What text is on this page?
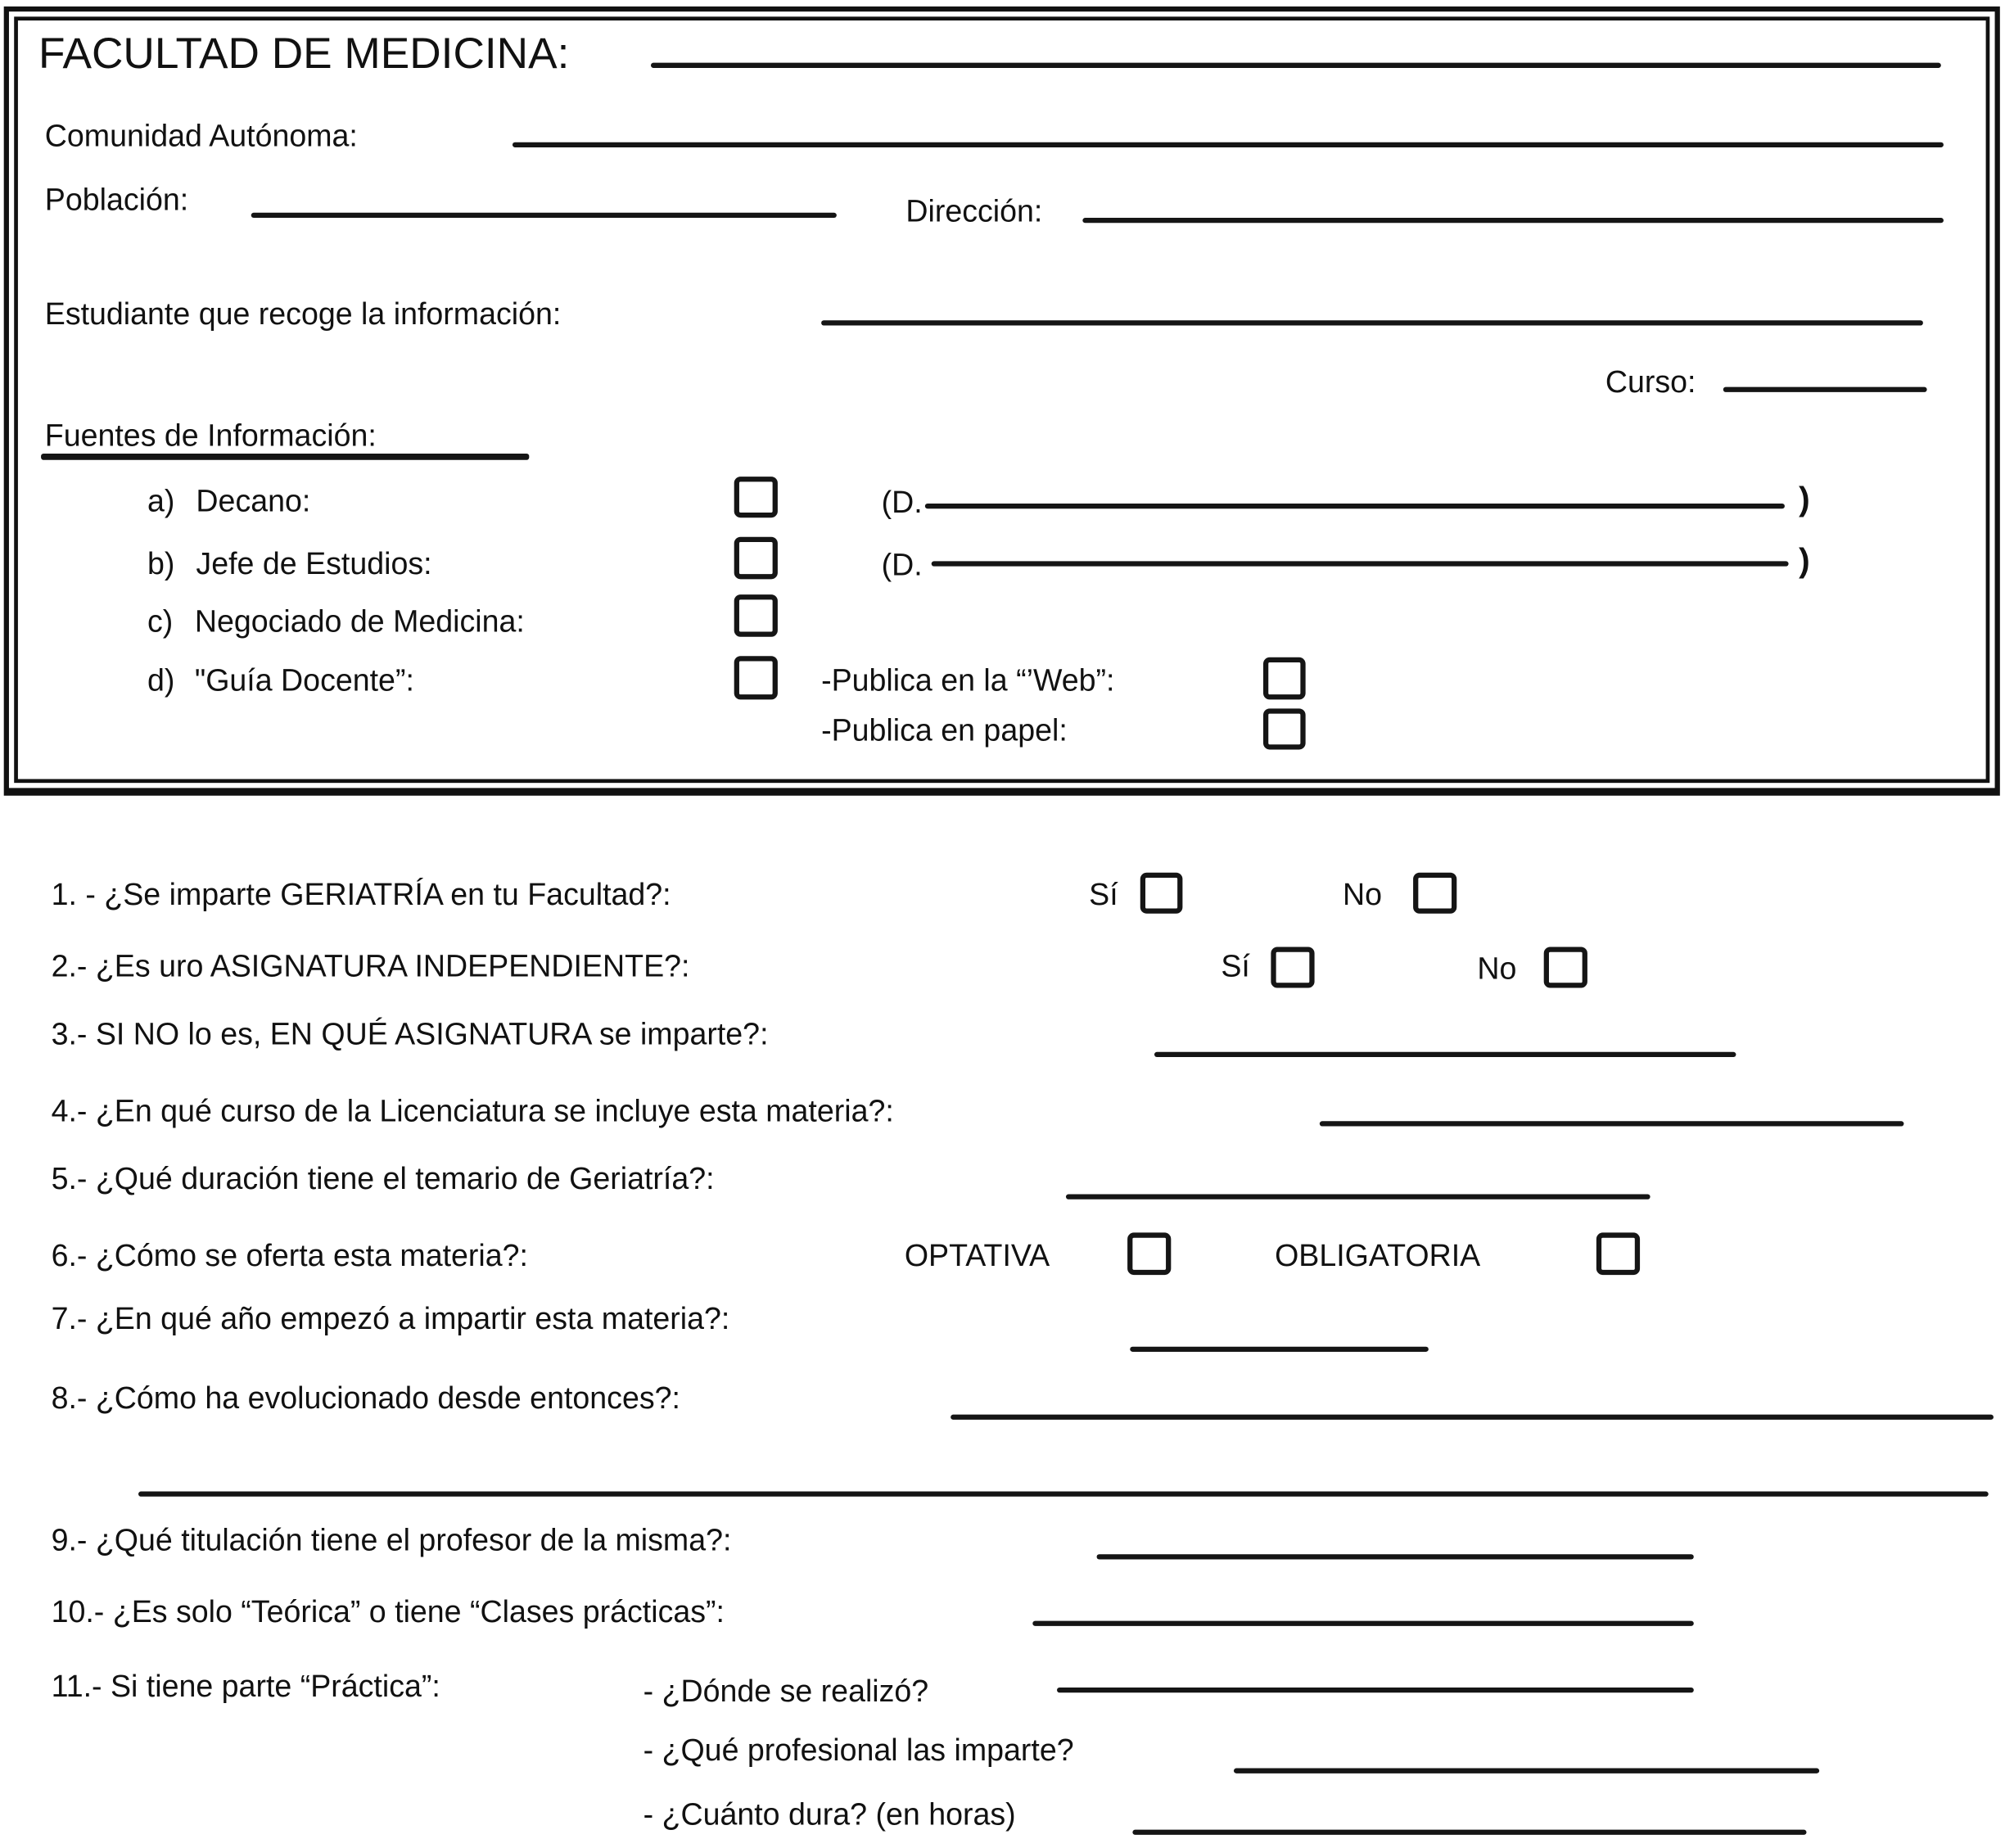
FACULTAD DE MEDICINA:
Comunidad Autónoma:
Población:	Dirección:
Estudiante que recoge la información:
Curso:
Fuentes de Información:
a) Decano:	(D.	)
b) Jefe de Estudios:	(D.	)
c) Negociado de Medicina:
d) "Guía Docente”:	-Publica en la “’Web”:
-Publica en papel:
1. - ¿Se imparte GERIATRÍA en tu Facultad?:	Sí	No
2.- ¿Es uro ASIGNATURA INDEPENDIENTE?:	Sí	No
3.- SI NO lo es, EN QUÉ ASIGNATURA se imparte?:
4.- ¿En qué curso de la Licenciatura se incluye esta materia?:
5.- ¿Qué duración tiene el temario de Geriatría?:
6.- ¿Cómo se oferta esta materia?:	OPTATIVA	OBLIGATORIA
7.- ¿En qué año empezó a impartir esta materia?:
8.- ¿Cómo ha evolucionado desde entonces?:
9.- ¿Qué titulación tiene el profesor de la misma?:
10.- ¿Es solo “Teórica” o tiene “Clases prácticas”:
11.- Si tiene parte “Práctica”:	- ¿Dónde se realizó?
- ¿Qué profesional las imparte?
- ¿Cuánto dura? (en horas)
